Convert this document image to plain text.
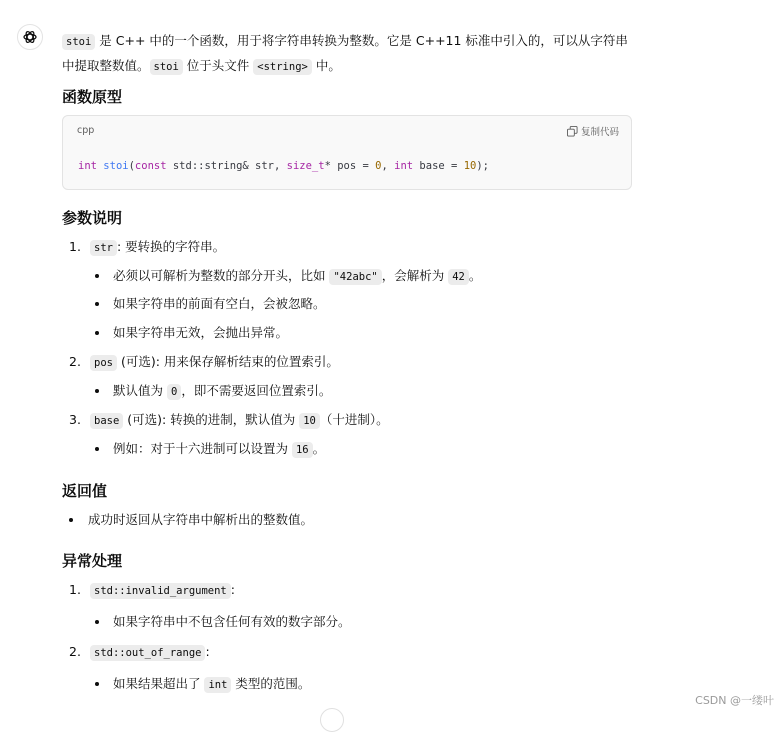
stoi 是 C++ 中的一个函数，用于将字符串转换为整数。它是 C++11 标准中引入的，可以从字符串中提取整数值。 stoi 位于头文件 <string> 中。

函数原型
cpp	复制代码
int stoi(const std::string& str, size_t* pos = 0, int base = 10);
参数说明
1.	str : 要转换的字符串。
必须以可解析为整数的部分开头，比如 "42abc" ，会解析为 42 。
如果字符串的前面有空白，会被忽略。
如果字符串无效，会抛出异常。
2.	pos (可选): 用来保存解析结束的位置索引。
默认值为 0 ，即不需要返回位置索引。
3.	base (可选): 转换的进制，默认值为 10 （十进制）。
例如：对于十六进制可以设置为 16 。
返回值
成功时返回从字符串中解析出的整数值。
异常处理
1.	std::invalid_argument :
如果字符串中不包含任何有效的数字部分。
2.	std::out_of_range :
如果结果超出了 int 类型的范围。
CSDN @一缕叶
